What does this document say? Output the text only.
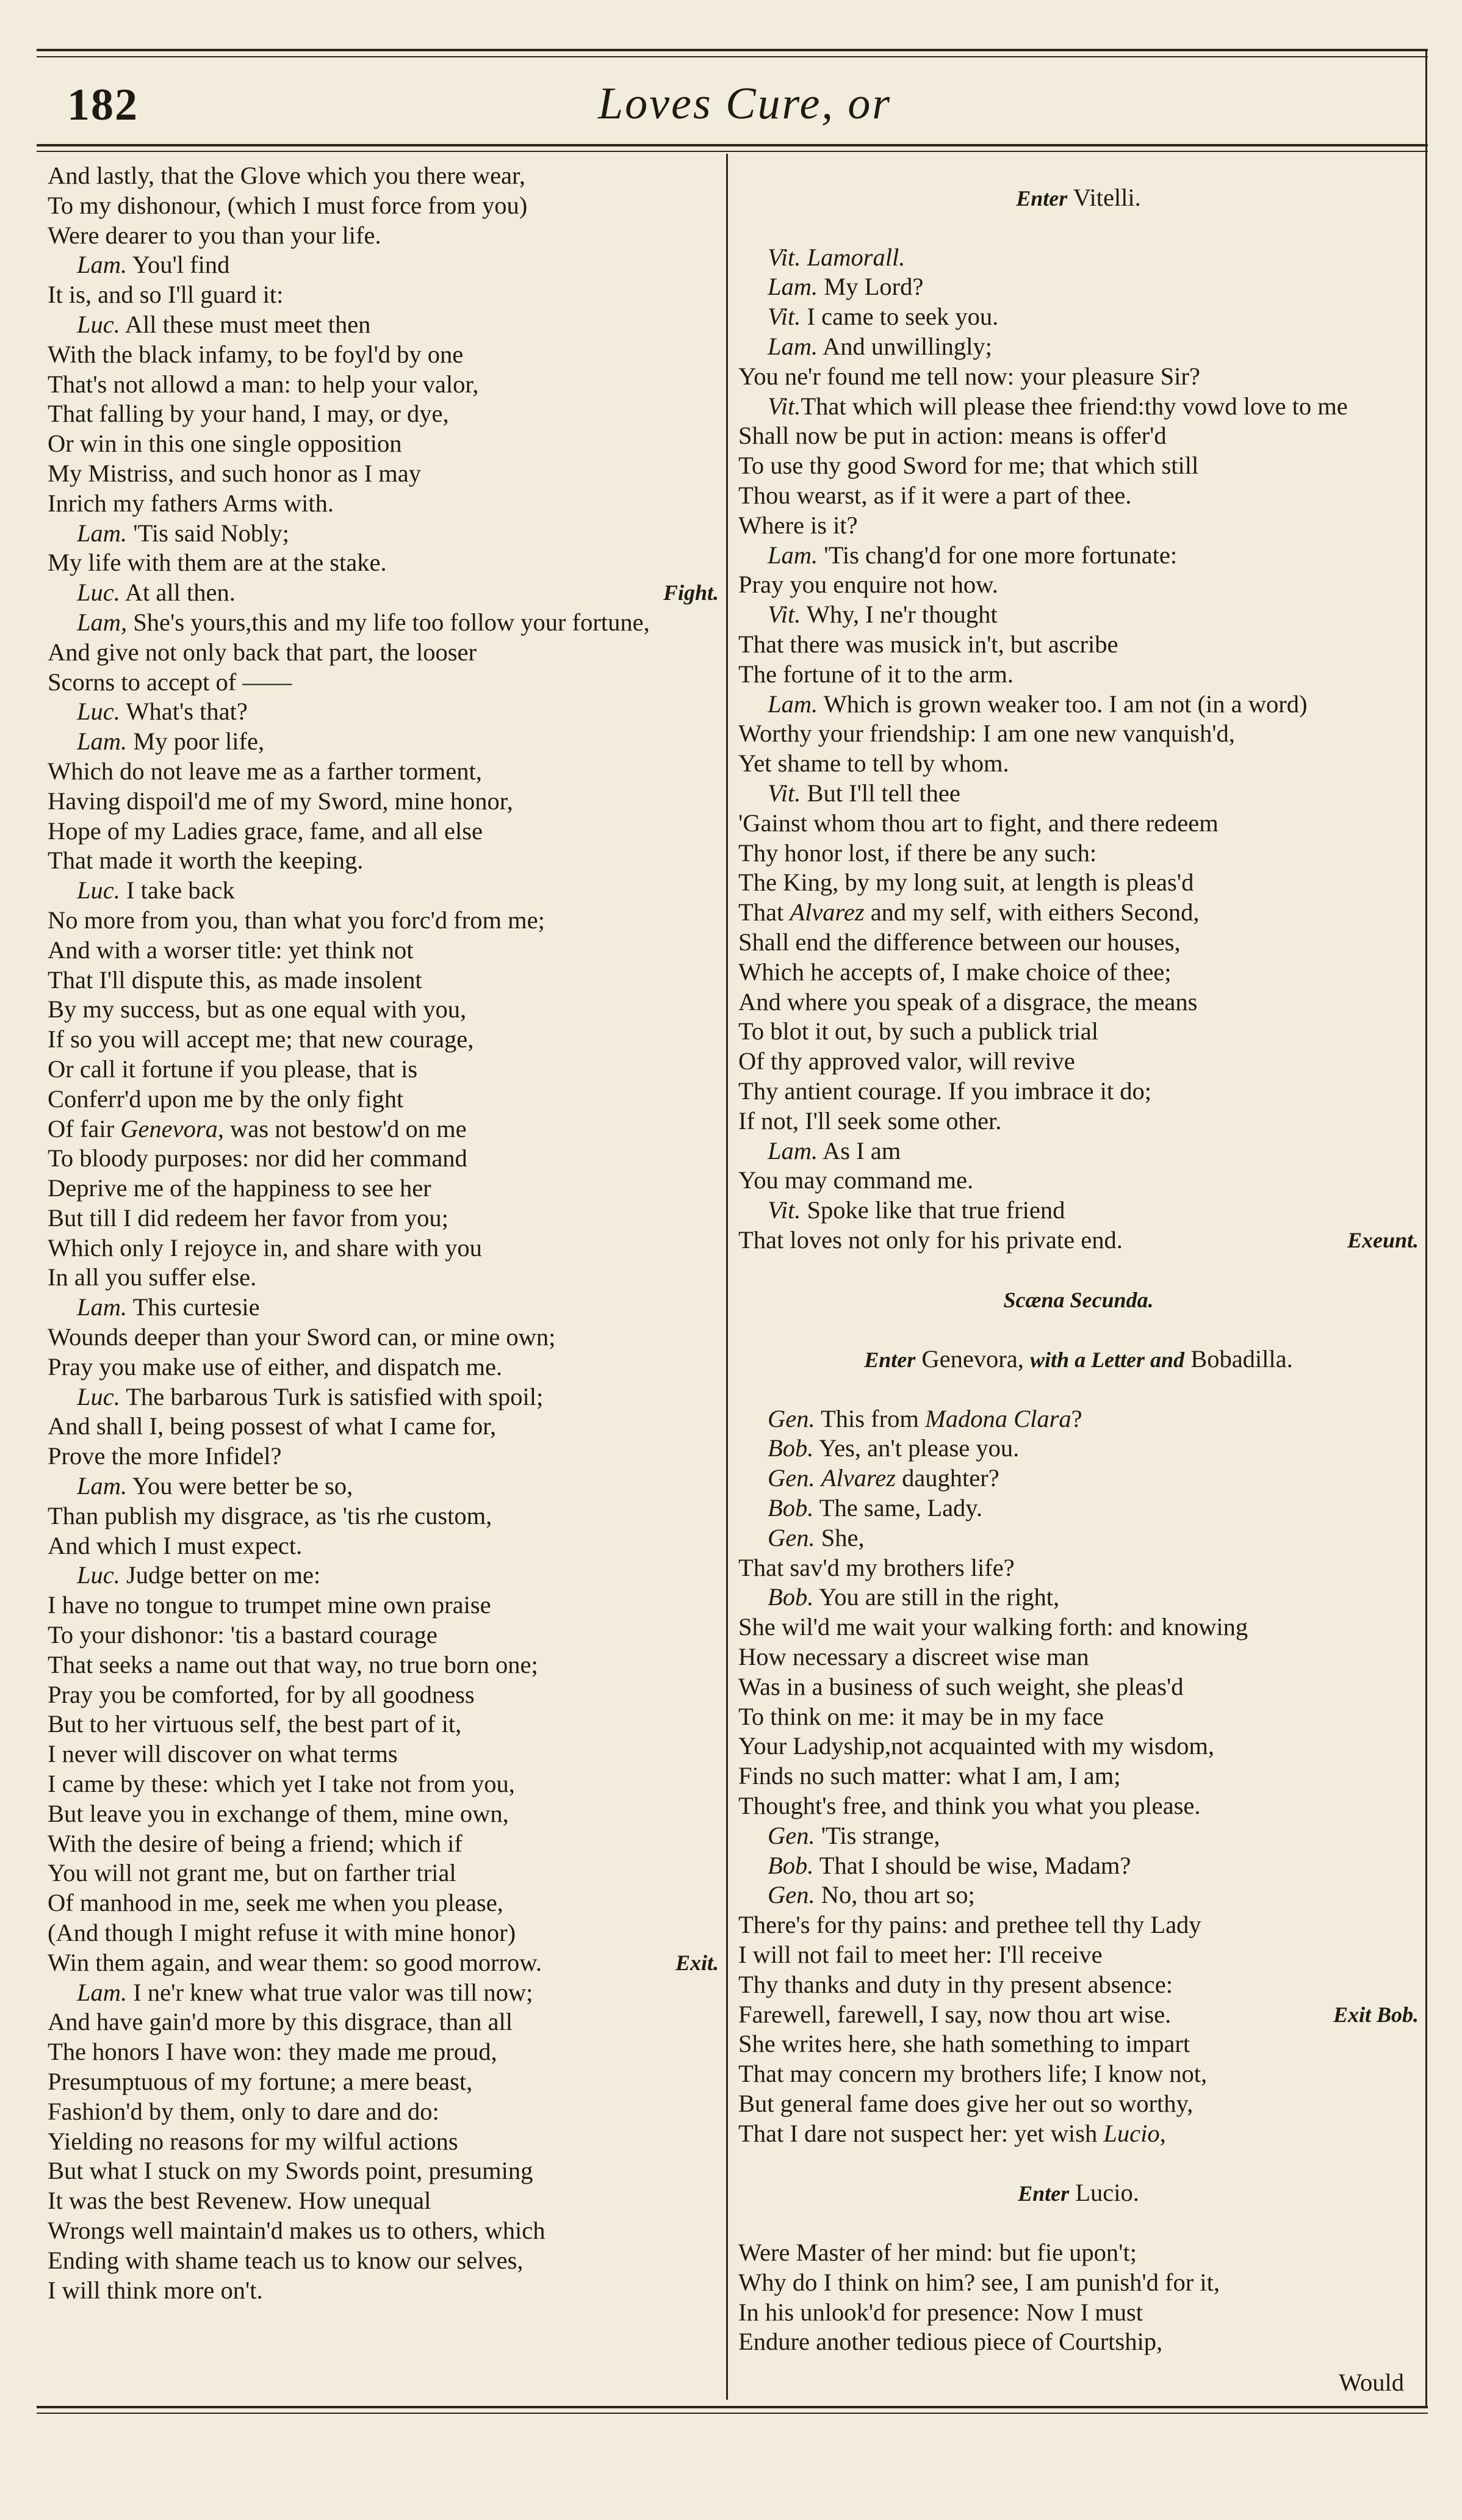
182	Loves Cure, or
And lastly, that the Glove which you there wear,
To my dishonour, (which I must force from you)
Were dearer to you than your life.
Lam. You'l find
It is, and so I'll guard it:
Luc. All these must meet then
With the black infamy, to be foyl'd by one
That's not allowd a man: to help your valor,
That falling by your hand, I may, or dye,
Or win in this one single opposition
My Mistriss, and such honor as I may
Inrich my fathers Arms with.
Lam. 'Tis said Nobly;
My life with them are at the stake.
Luc. At all then.	Fight.
Lam, She's yours,this and my life too follow your fortune,
And give not only back that part, the looser
Scorns to accept of ——
Luc. What's that?
Lam. My poor life,
Which do not leave me as a farther torment,
Having dispoil'd me of my Sword, mine honor,
Hope of my Ladies grace, fame, and all else
That made it worth the keeping.
Luc. I take back
No more from you, than what you forc'd from me;
And with a worser title: yet think not
That I'll dispute this, as made insolent
By my success, but as one equal with you,
If so you will accept me; that new courage,
Or call it fortune if you please, that is
Conferr'd upon me by the only fight
Of fair Genevora, was not bestow'd on me
To bloody purposes: nor did her command
Deprive me of the happiness to see her
But till I did redeem her favor from you;
Which only I rejoyce in, and share with you
In all you suffer else.
Lam. This curtesie
Wounds deeper than your Sword can, or mine own;
Pray you make use of either, and dispatch me.
Luc. The barbarous Turk is satisfied with spoil;
And shall I, being possest of what I came for,
Prove the more Infidel?
Lam. You were better be so,
Than publish my disgrace, as 'tis rhe custom,
And which I must expect.
Luc. Judge better on me:
I have no tongue to trumpet mine own praise
To your dishonor: 'tis a bastard courage
That seeks a name out that way, no true born one;
Pray you be comforted, for by all goodness
But to her virtuous self, the best part of it,
I never will discover on what terms
I came by these: which yet I take not from you,
But leave you in exchange of them, mine own,
With the desire of being a friend; which if
You will not grant me, but on farther trial
Of manhood in me, seek me when you please,
(And though I might refuse it with mine honor)
Win them again, and wear them: so good morrow.	Exit.
Lam. I ne'r knew what true valor was till now;
And have gain'd more by this disgrace, than all
The honors I have won: they made me proud,
Presumptuous of my fortune; a mere beast,
Fashion'd by them, only to dare and do:
Yielding no reasons for my wilful actions
But what I stuck on my Swords point, presuming
It was the best Revenew. How unequal
Wrongs well maintain'd makes us to others, which
Ending with shame teach us to know our selves,
I will think more on't.
Enter Vitelli.
Vit. Lamorall.
Lam. My Lord?
Vit. I came to seek you.
Lam. And unwillingly;
You ne'r found me tell now: your pleasure Sir?
Vit.That which will please thee friend:thy vowd love to me
Shall now be put in action: means is offer'd
To use thy good Sword for me; that which still
Thou wearst, as if it were a part of thee.
Where is it?
Lam. 'Tis chang'd for one more fortunate:
Pray you enquire not how.
Vit. Why, I ne'r thought
That there was musick in't, but ascribe
The fortune of it to the arm.
Lam. Which is grown weaker too. I am not (in a word)
Worthy your friendship: I am one new vanquish'd,
Yet shame to tell by whom.
Vit. But I'll tell thee
'Gainst whom thou art to fight, and there redeem
Thy honor lost, if there be any such:
The King, by my long suit, at length is pleas'd
That Alvarez and my self, with eithers Second,
Shall end the difference between our houses,
Which he accepts of, I make choice of thee;
And where you speak of a disgrace, the means
To blot it out, by such a publick trial
Of thy approved valor, will revive
Thy antient courage. If you imbrace it do;
If not, I'll seek some other.
Lam. As I am
You may command me.
Vit. Spoke like that true friend
That loves not only for his private end.	Exeunt.
Scæna Secunda.
Enter Genevora, with a Letter and Bobadilla.
Gen. This from Madona Clara?
Bob. Yes, an't please you.
Gen. Alvarez daughter?
Bob. The same, Lady.
Gen. She,
That sav'd my brothers life?
Bob. You are still in the right,
She wil'd me wait your walking forth: and knowing
How necessary a discreet wise man
Was in a business of such weight, she pleas'd
To think on me: it may be in my face
Your Ladyship,not acquainted with my wisdom,
Finds no such matter: what I am, I am;
Thought's free, and think you what you please.
Gen. 'Tis strange,
Bob. That I should be wise, Madam?
Gen. No, thou art so;
There's for thy pains: and prethee tell thy Lady
I will not fail to meet her: I'll receive
Thy thanks and duty in thy present absence:
Farewell, farewell, I say, now thou art wise.	Exit Bob.
She writes here, she hath something to impart
That may concern my brothers life; I know not,
But general fame does give her out so worthy,
That I dare not suspect her: yet wish Lucio,
Enter Lucio.
Were Master of her mind: but fie upon't;
Why do I think on him? see, I am punish'd for it,
In his unlook'd for presence: Now I must
Endure another tedious piece of Courtship,
Would
